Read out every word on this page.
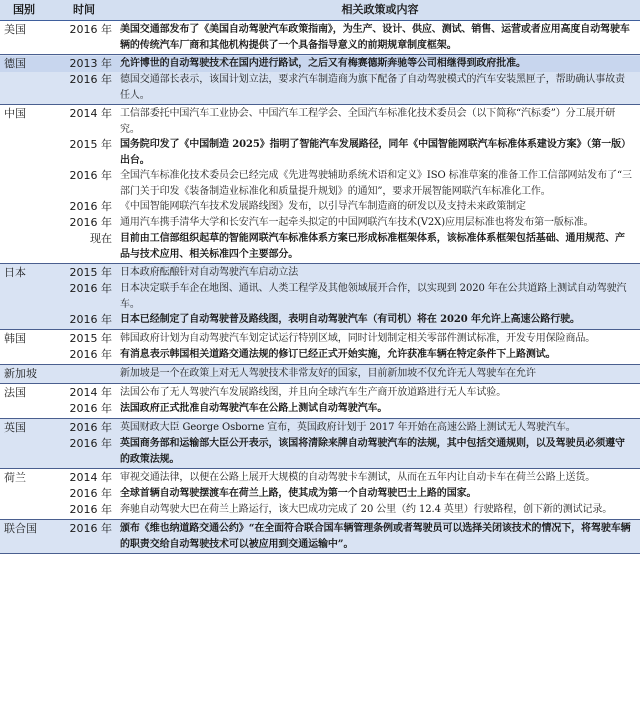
国别	时间	相关政策或内容
美国	2016 年 美国交通部发布了《美国自动驾驶汽车政策指南》，为生产、设计、供应、测试、销售、运营或者应用高度自动驾驶车辆的传统汽车厂商和其他机构提供了一个具备指导意义的前期规章制度框架。
德国	2013 年 允许博世的自动驾驶技术在国内进行路试，之后又有梅赛德斯奔驰等公司相继得到政府批准。
2016 年 德国交通部长表示，该国计划立法，要求汽车制造商为旗下配备了自动驾驶模式的汽车安装黑匣子，帮助确认事故责任人。
中国	2014 年 工信部委托中国汽车工业协会、中国汽车工程学会、全国汽车标准化技术委员会（以下简称“汽标委”）分工展开研究。
2015 年 国务院印发了《中国制造 2025》指明了智能汽车发展路径，同年《中国智能网联汽车标准体系建设方案》（第一版）出台。
2016 年 全国汽车标准化技术委员会已经完成《先进驾驶辅助系统术语和定义》ISO 标准草案的准备工作工信部网站发布了“三部门关于印发《装备制造业标准化和质量提升规划》的通知”，要求开展智能网联汽车标准化工作。
2016 年 《中国智能网联汽车技术发展路线图》发布，以引导汽车制造商的研发以及支持未来政策制定
2016 年 通用汽车携手清华大学和长安汽车一起牵头拟定的中国网联汽车技术(V2X)应用层标准也将发布第一版标准。
现在 目前由工信部组织起草的智能网联汽车标准体系方案已形成标准框架体系，该标准体系框架包括基础、通用规范、产品与技术应用、相关标准四个主要部分。
日本	2015 年 日本政府酝酿针对自动驾驶汽车启动立法
2016 年 日本决定联手车企在地图、通讯、人类工程学及其他领域展开合作，以实现到 2020 年在公共道路上测试自动驾驶汽车。
2016 年 日本已经制定了自动驾驶普及路线图，表明自动驾驶汽车（有司机）将在 2020 年允许上高速公路行驶。
韩国	2015 年 韩国政府计划为自动驾驶汽车划定试运行特别区域，同时计划制定相关零部件测试标准，开发专用保险商品。
2016 年 有消息表示韩国相关道路交通法规的修订已经正式开始实施，允许获准车辆在特定条件下上路测试。
新加坡	新加坡是一个在政策上对无人驾驶技术非常友好的国家，目前新加坡不仅允许无人驾驶车在允许
法国	2014 年 法国公布了无人驾驶汽车发展路线图，并且向全球汽车生产商开放道路进行无人车试验。
2016 年 法国政府正式批准自动驾驶汽车在公路上测试自动驾驶汽车。
英国	2016 年 英国财政大臣 George Osborne 宣布，英国政府计划于 2017 年开始在高速公路上测试无人驾驶汽车。
2016 年 英国商务部和运输部大臣公开表示，该国将清除来牌自动驾驶汽车的法规，其中包括交通规则，以及驾驶员必须遵守的政策法规。
荷兰	2014 年 审视交通法律，以便在公路上展开大规模的自动驾驶卡车测试，从而在五年内让自动卡车在荷兰公路上送货。
2016 年 全球首辆自动驾驶摆渡车在荷兰上路，使其成为第一个自动驾驶巴士上路的国家。
2016 年 奔驰自动驾驶大巴在荷兰上路运行，该大巴成功完成了 20 公里（约 12.4 英里）行驶路程，创下新的测试记录。
联合国	2016 年 颁布《维也纳道路交通公约》“在全面符合联合国车辆管理条例或者驾驶员可以选择关闭该技术的情况下，将驾驶车辆的职责交给自动驾驶技术可以被应用到交通运输中”。
